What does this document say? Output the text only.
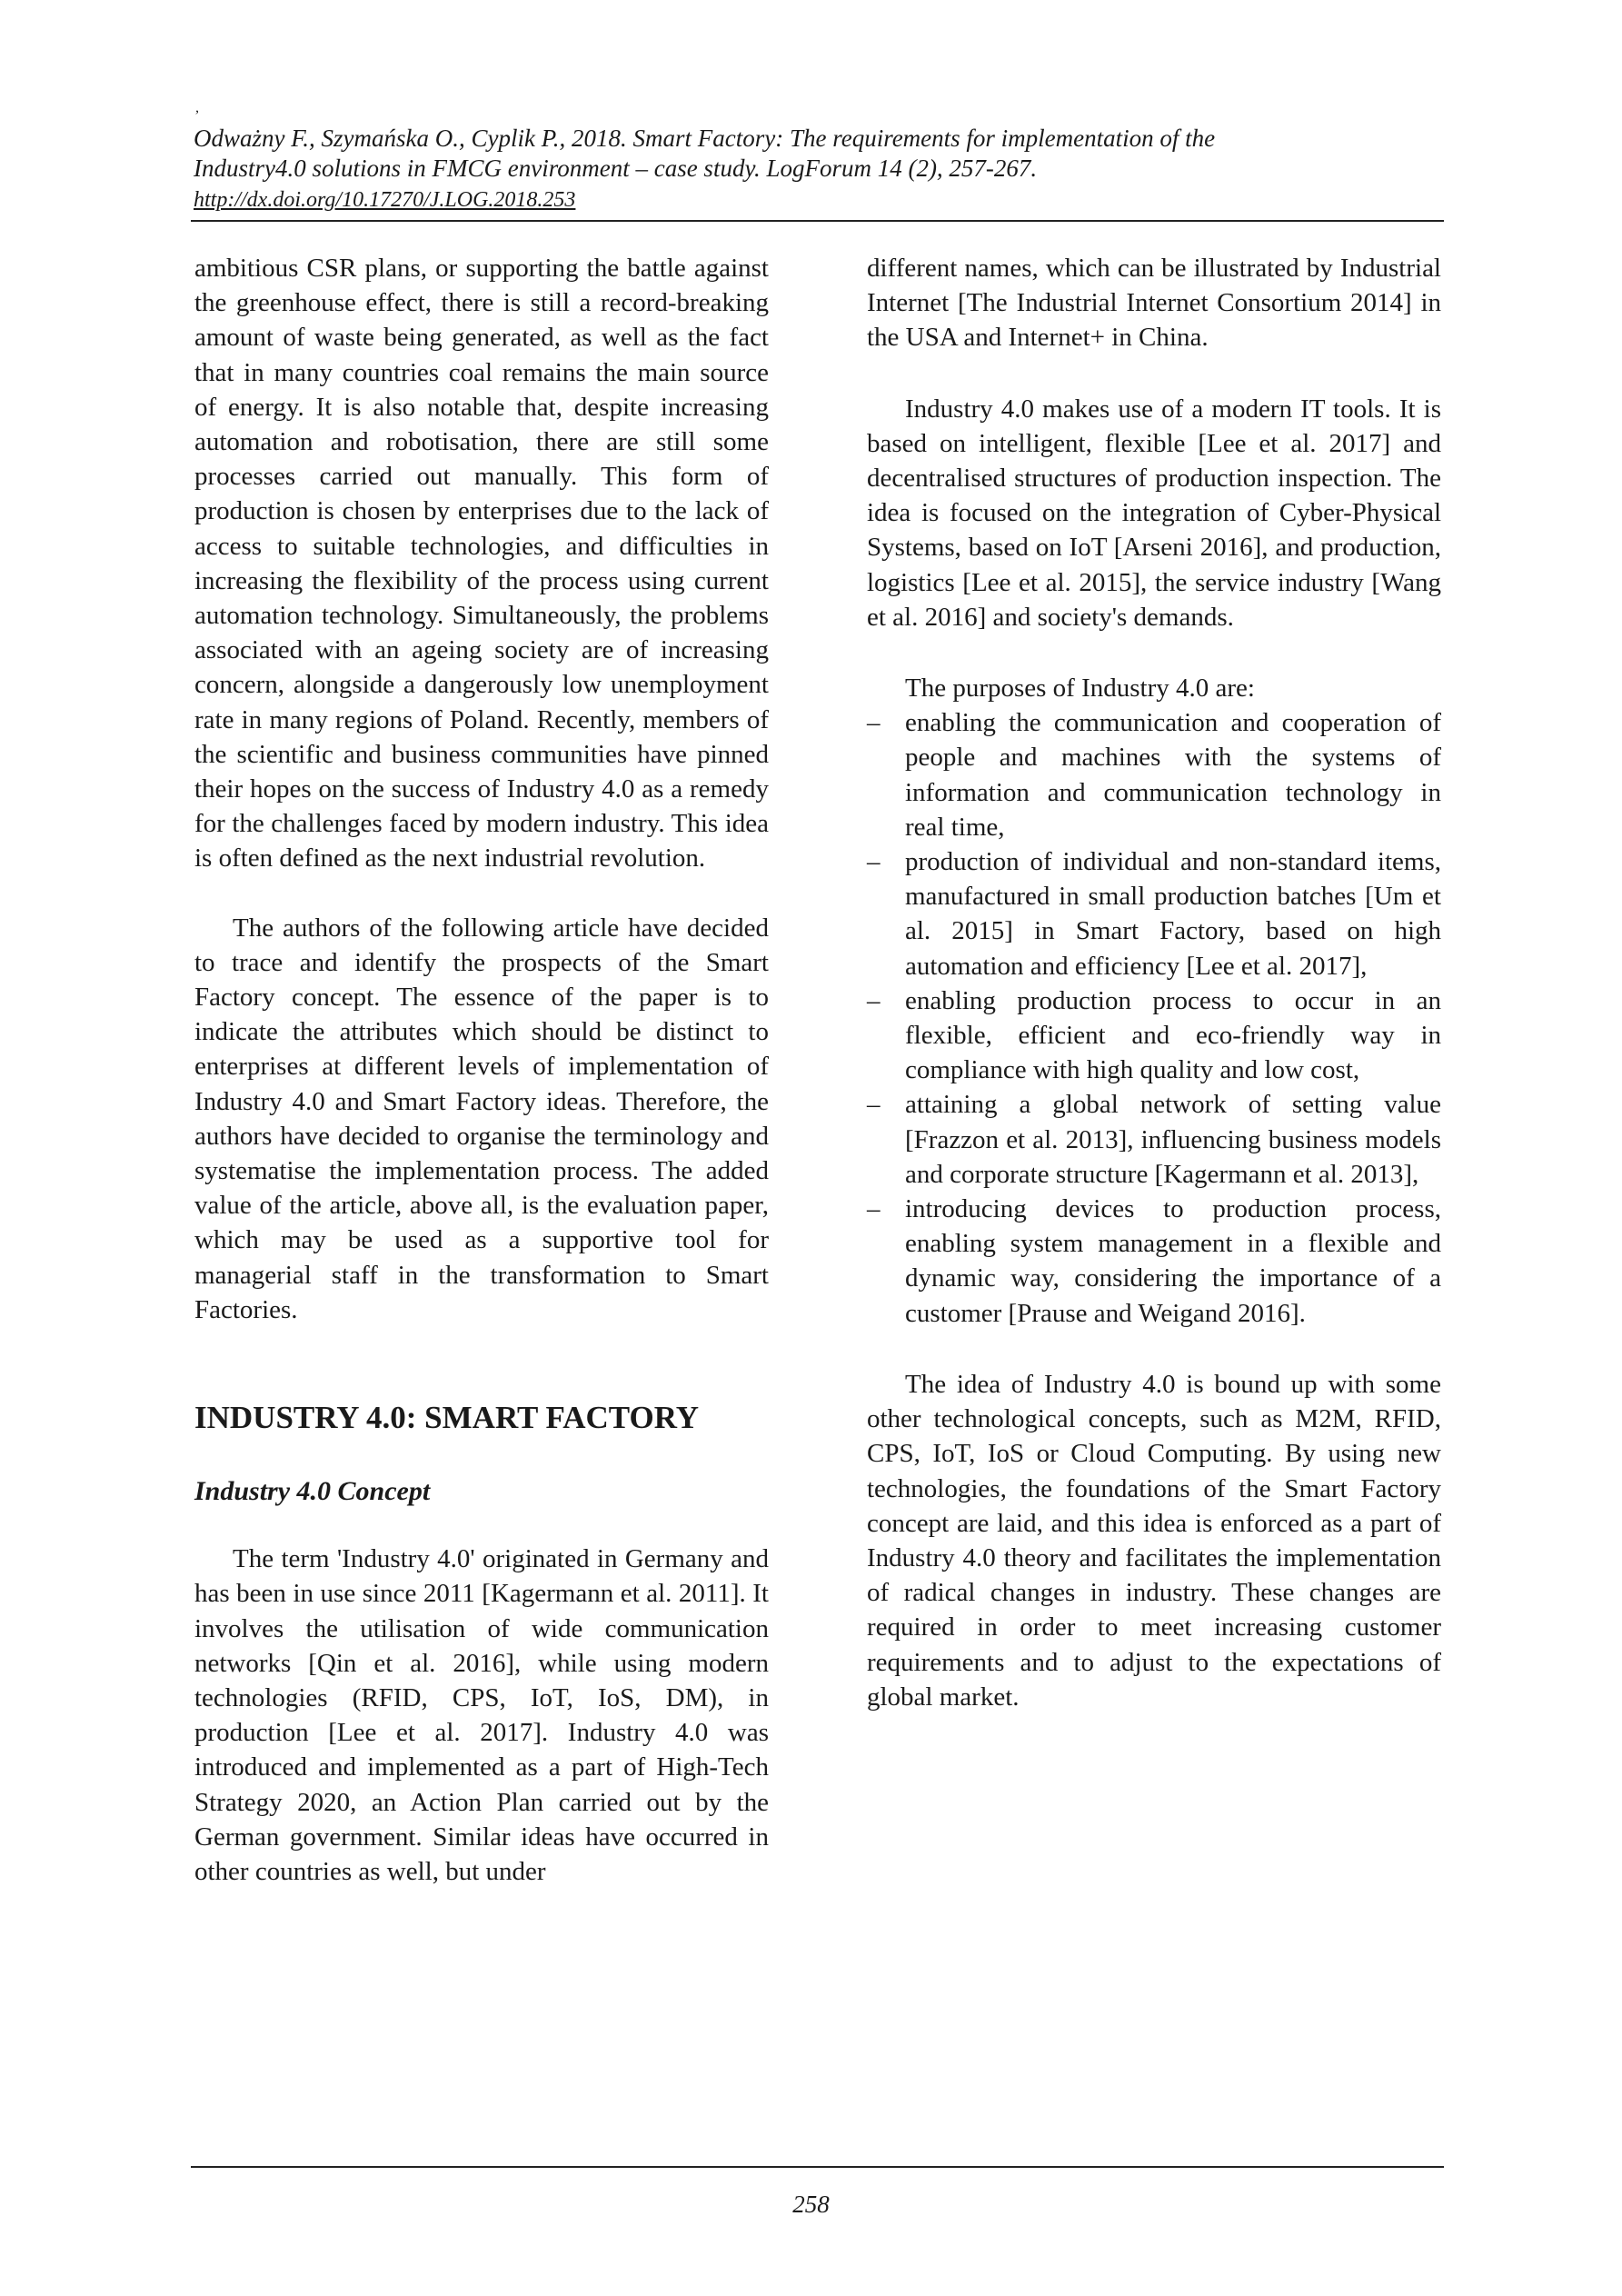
,

Odważny F., Szymańska O., Cyplik P., 2018. Smart Factory: The requirements for implementation of the

Industry4.0 solutions in FMCG environment – case study. LogForum 14 (2), 257-267.

http://dx.doi.org/10.17270/J.LOG.2018.253

ambitious CSR plans, or supporting the battle against the greenhouse effect, there is still a record-breaking amount of waste being generated, as well as the fact that in many countries coal remains the main source of energy. It is also notable that, despite increasing automation and robotisation, there are still some processes carried out manually. This form of production is chosen by enterprises due to the lack of access to suitable technologies, and difficulties in increasing the flexibility of the process using current automation technology. Simultaneously, the problems associated with an ageing society are of increasing concern, alongside a dangerously low unemployment rate in many regions of Poland. Recently, members of the scientific and business communities have pinned their hopes on the success of Industry 4.0 as a remedy for the challenges faced by modern industry. This idea is often defined as the next industrial revolution.

The authors of the following article have decided to trace and identify the prospects of the Smart Factory concept. The essence of the paper is to indicate the attributes which should be distinct to enterprises at different levels of implementation of Industry 4.0 and Smart Factory ideas. Therefore, the authors have decided to organise the terminology and systematise the implementation process. The added value of the article, above all, is the evaluation paper, which may be used as a supportive tool for managerial staff in the transformation to Smart Factories.

INDUSTRY 4.0: SMART FACTORY
Industry 4.0 Concept

The term 'Industry 4.0' originated in Germany and has been in use since 2011 [Kagermann et al. 2011]. It involves the utilisation of wide communication networks [Qin et al. 2016], while using modern technologies (RFID, CPS, IoT, IoS, DM), in production [Lee et al. 2017]. Industry 4.0 was introduced and implemented as a part of High-Tech Strategy 2020, an Action Plan carried out by the German government. Similar ideas have occurred in other countries as well, but under

different names, which can be illustrated by Industrial Internet [The Industrial Internet Consortium 2014] in the USA and Internet+ in China.

Industry 4.0 makes use of a modern IT tools. It is based on intelligent, flexible [Lee et al. 2017] and decentralised structures of production inspection. The idea is focused on the integration of Cyber-Physical Systems, based on IoT [Arseni 2016], and production, logistics [Lee et al. 2015], the service industry [Wang et al. 2016] and society's demands.

The purposes of Industry 4.0 are:

– enabling the communication and cooperation of people and machines with the systems of information and communication technology in real time,
– production of individual and non-standard items, manufactured in small production batches [Um et al. 2015] in Smart Factory, based on high automation and efficiency [Lee et al. 2017],
– enabling production process to occur in an flexible, efficient and eco-friendly way in compliance with high quality and low cost,
– attaining a global network of setting value [Frazzon et al. 2013], influencing business models and corporate structure [Kagermann et al. 2013],
– introducing devices to production process, enabling system management in a flexible and dynamic way, considering the importance of a customer [Prause and Weigand 2016].

The idea of Industry 4.0 is bound up with some other technological concepts, such as M2M, RFID, CPS, IoT, IoS or Cloud Computing. By using new technologies, the foundations of the Smart Factory concept are laid, and this idea is enforced as a part of Industry 4.0 theory and facilitates the implementation of radical changes in industry. These changes are required in order to meet increasing customer requirements and to adjust to the expectations of global market.

258
